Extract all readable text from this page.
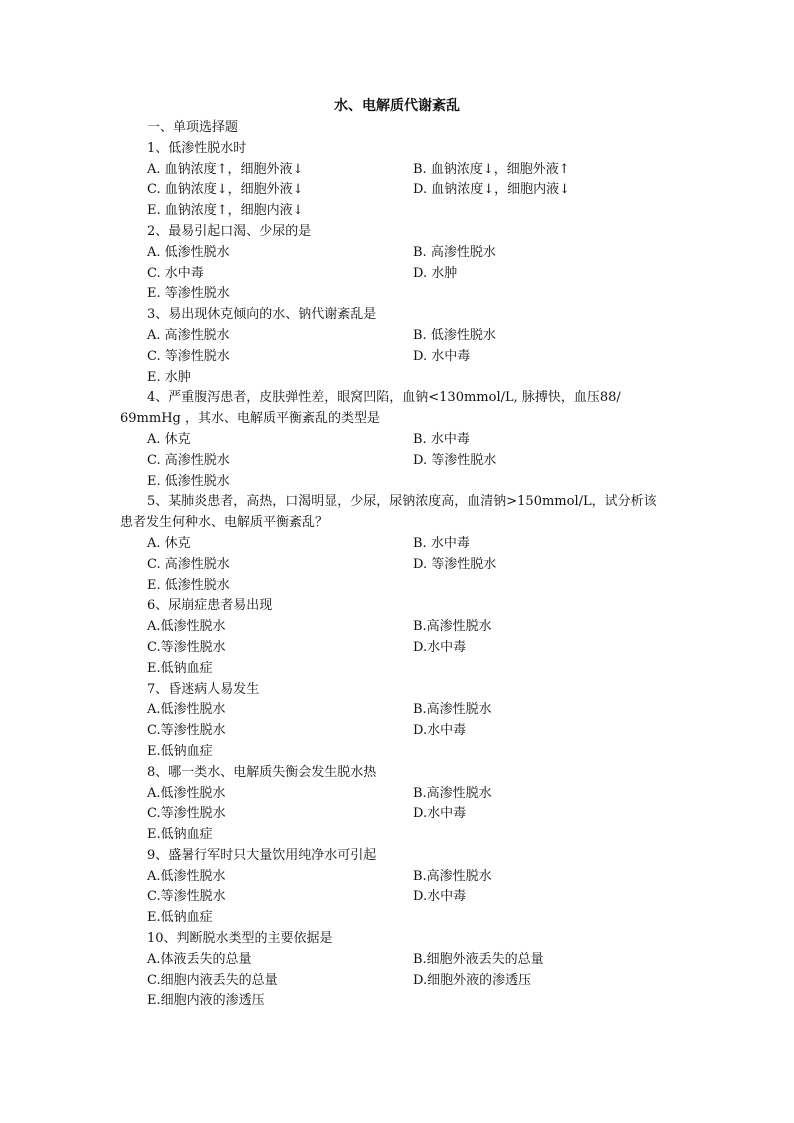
水、电解质代谢紊乱
一、单项选择题
1、低渗性脱水时
A. 血钠浓度↑，细胞外液↓	B. 血钠浓度↓，细胞外液↑
C. 血钠浓度↓，细胞外液↓	D. 血钠浓度↓，细胞内液↓
E. 血钠浓度↑，细胞内液↓
2、最易引起口渴、少尿的是
A. 低渗性脱水	B. 高渗性脱水
C. 水中毒	D. 水肿
E. 等渗性脱水
3、易出现休克倾向的水、钠代谢紊乱是
A. 高渗性脱水	B. 低渗性脱水
C. 等渗性脱水	D. 水中毒
E. 水肿
4、严重腹泻患者，皮肤弹性差，眼窝凹陷，血钠<130mmol/L, 脉搏快，血压88/
69mmHg ，其水、电解质平衡紊乱的类型是
A. 休克	B. 水中毒
C. 高渗性脱水	D. 等渗性脱水
E. 低渗性脱水
5、某肺炎患者，高热，口渴明显，少尿，尿钠浓度高，血清钠>150mmol/L，试分析该
患者发生何种水、电解质平衡紊乱？
A. 休克	B. 水中毒
C. 高渗性脱水	D. 等渗性脱水
E. 低渗性脱水
6、尿崩症患者易出现
A.低渗性脱水	B.高渗性脱水
C.等渗性脱水	D.水中毒
E.低钠血症
7、昏迷病人易发生
A.低渗性脱水	B.高渗性脱水
C.等渗性脱水	D.水中毒
E.低钠血症
8、哪一类水、电解质失衡会发生脱水热
A.低渗性脱水	B.高渗性脱水
C.等渗性脱水	D.水中毒
E.低钠血症
9、盛暑行军时只大量饮用纯净水可引起
A.低渗性脱水	B.高渗性脱水
C.等渗性脱水	D.水中毒
E.低钠血症
10、判断脱水类型的主要依据是
A.体液丢失的总量	B.细胞外液丢失的总量
C.细胞内液丢失的总量	D.细胞外液的渗透压
E.细胞内液的渗透压
